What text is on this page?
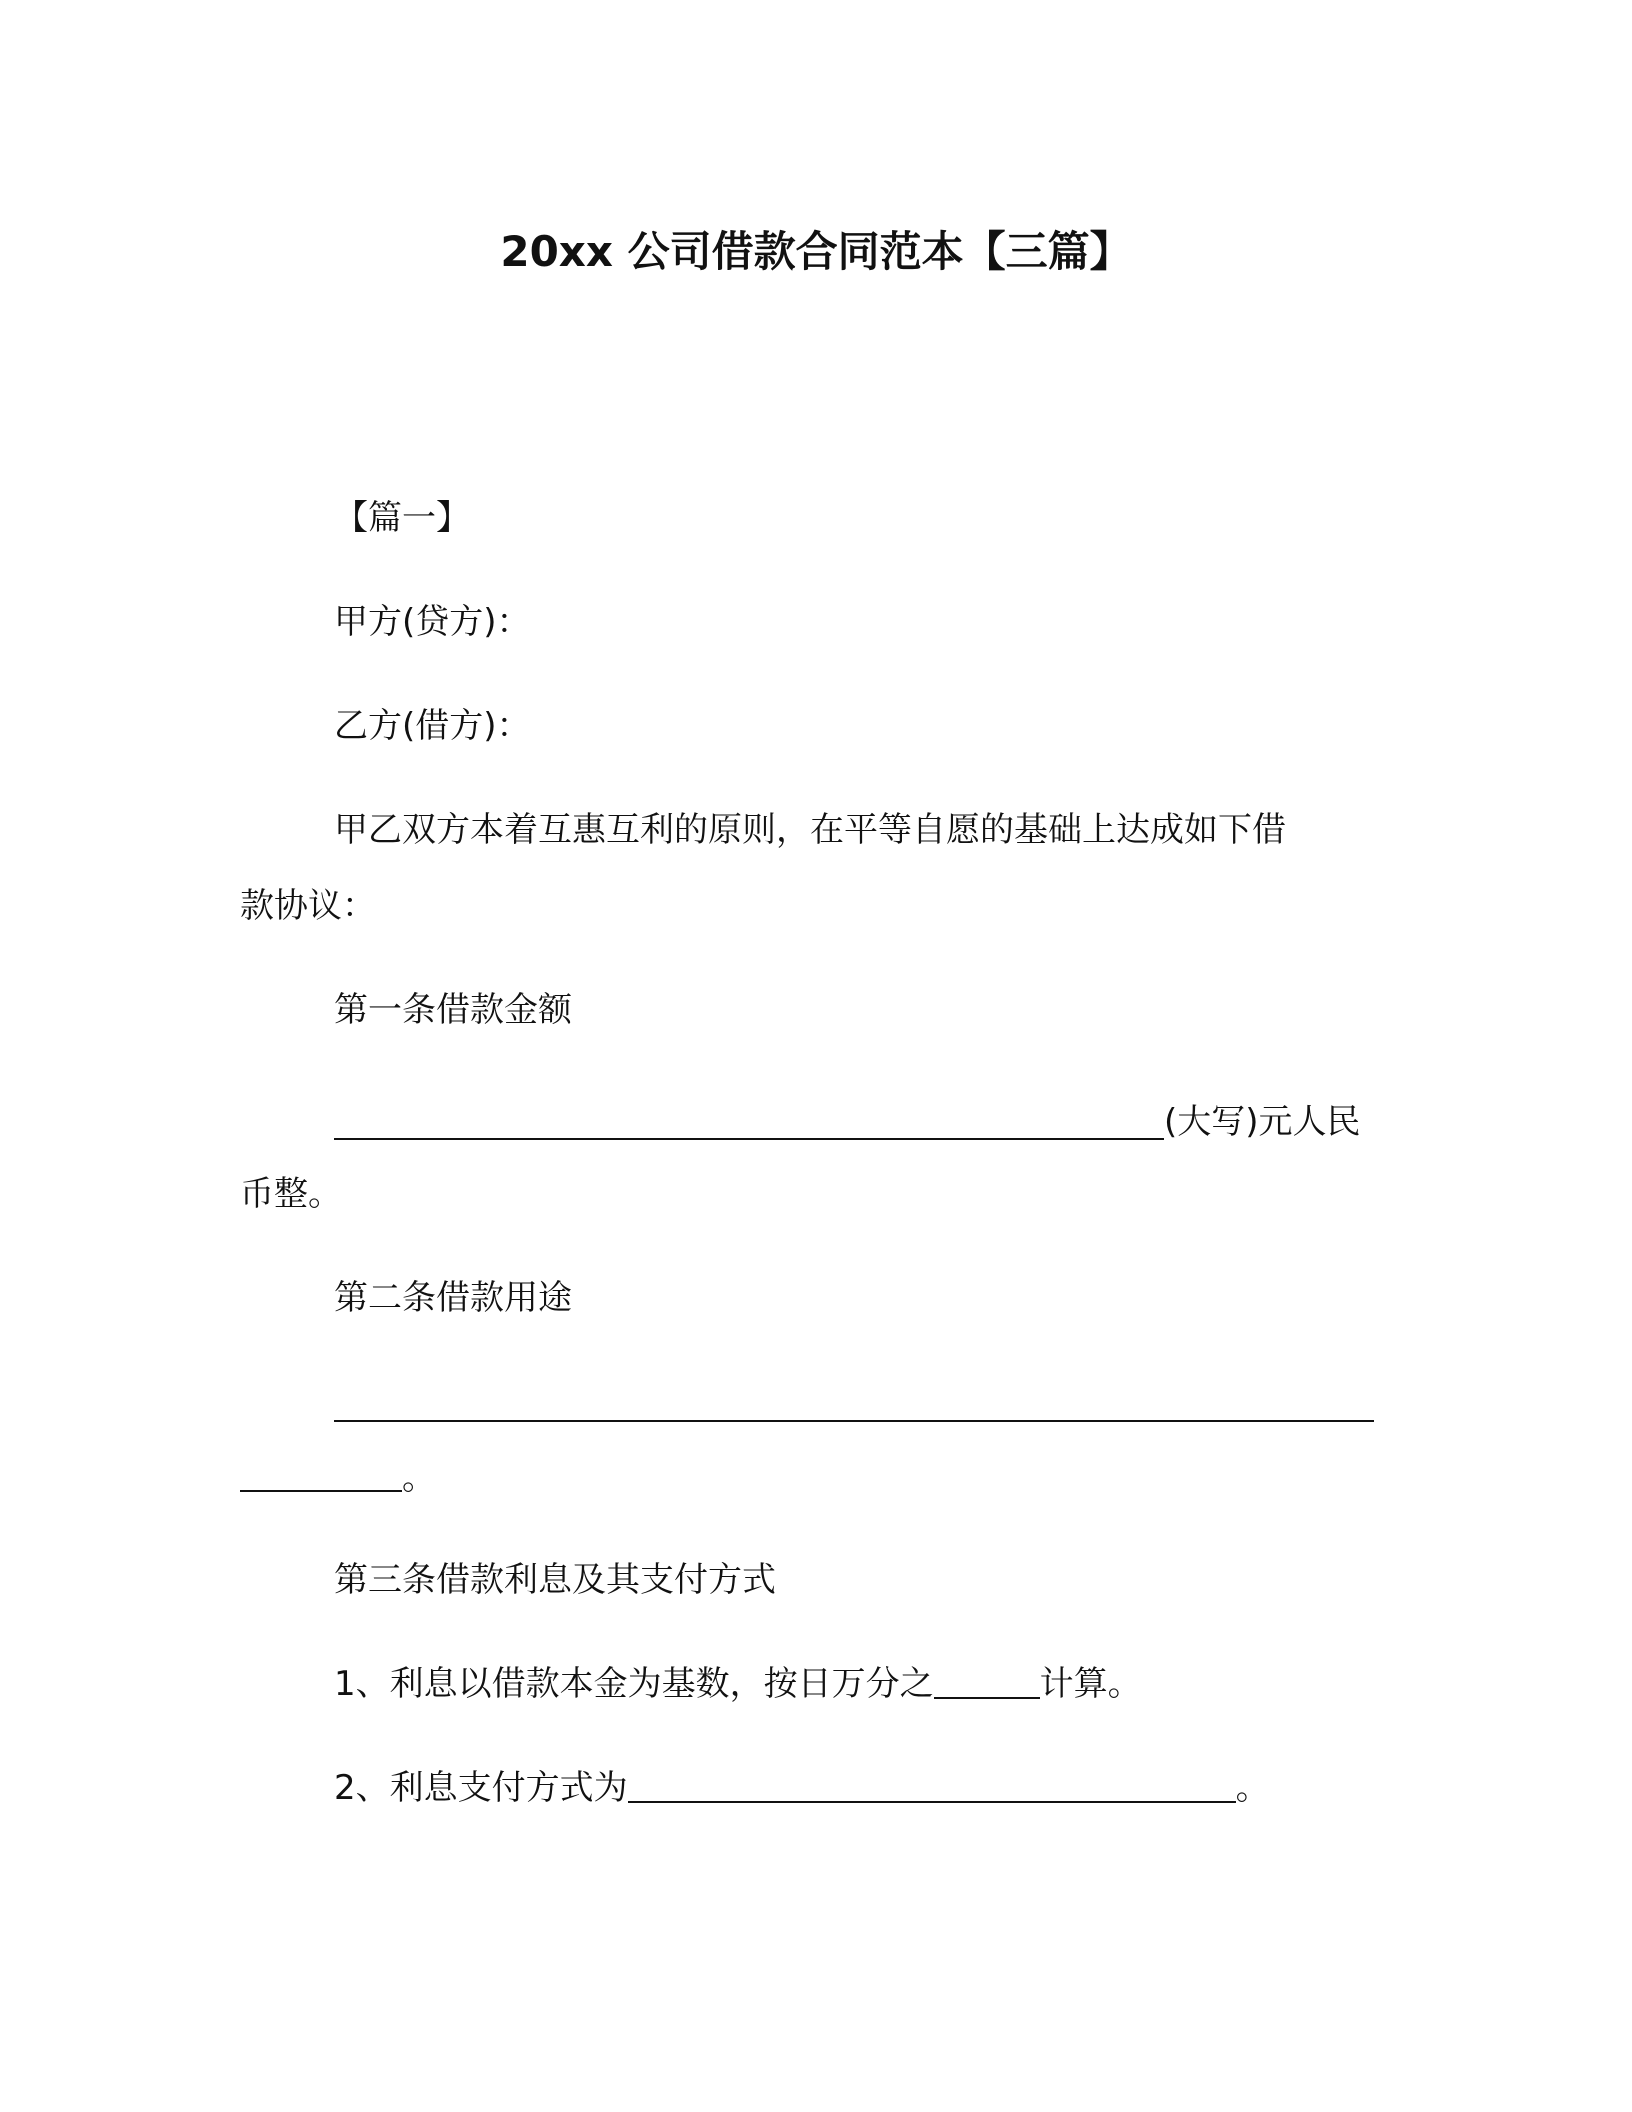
20xx 公司借款合同范本【三篇】
【篇一】
甲方(贷方)：
乙方(借方)：
甲乙双方本着互惠互利的原则，在平等自愿的基础上达成如下借
款协议：
第一条借款金额
(大写)元人民
币整。
第二条借款用途
。
第三条借款利息及其支付方式
1、利息以借款本金为基数，按日万分之	计算。
2、利息支付方式为	。
